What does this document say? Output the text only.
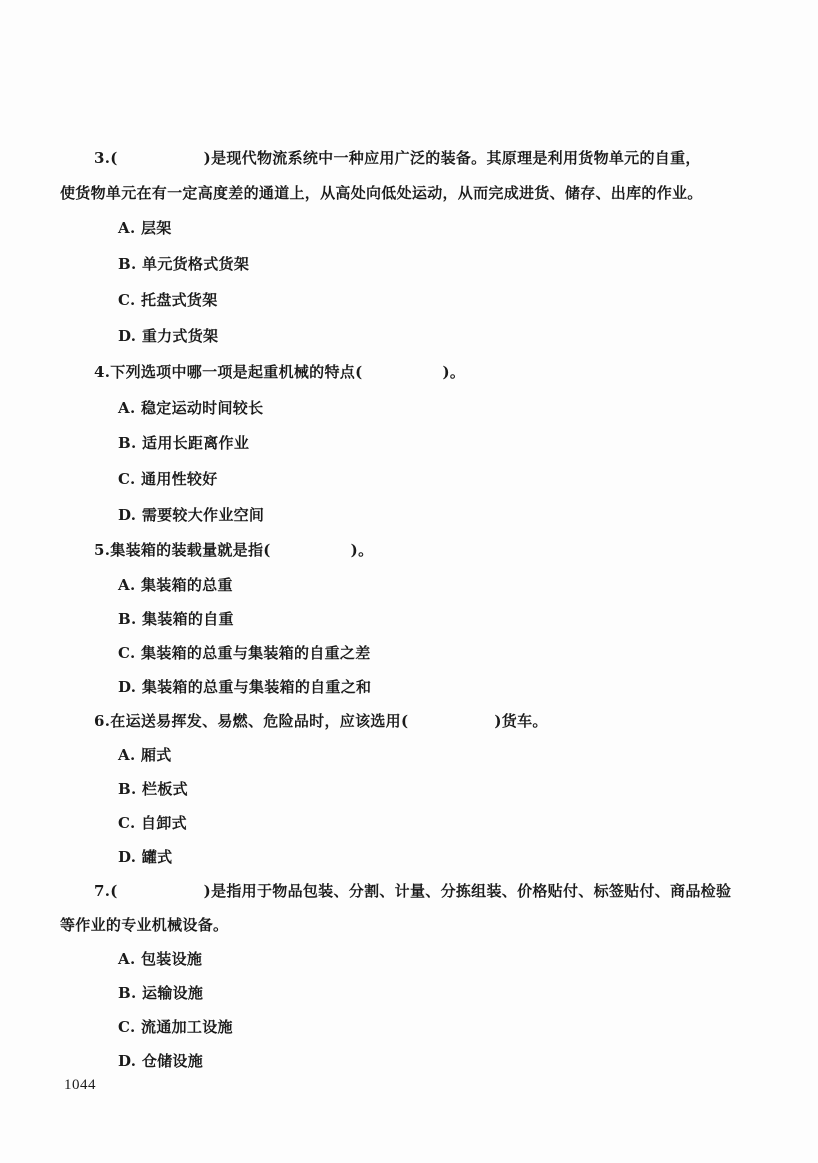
3.(	)是现代物流系统中一种应用广泛的装备。其原理是利用货物单元的自重，
使货物单元在有一定高度差的通道上，从高处向低处运动，从而完成进货、储存、出库的作业。
A. 层架
B. 单元货格式货架
C. 托盘式货架
D. 重力式货架
4.下列选项中哪一项是起重机械的特点(	)。
A. 稳定运动时间较长
B. 适用长距离作业
C. 通用性较好
D. 需要较大作业空间
5.集装箱的装载量就是指(	)。
A. 集装箱的总重
B. 集装箱的自重
C. 集装箱的总重与集装箱的自重之差
D. 集装箱的总重与集装箱的自重之和
6.在运送易挥发、易燃、危险品时，应该选用(	)货车。
A. 厢式
B. 栏板式
C. 自卸式
D. 罐式
7.(	)是指用于物品包装、分割、计量、分拣组装、价格贴付、标签贴付、商品检验
等作业的专业机械设备。
A. 包装设施
B. 运输设施
C. 流通加工设施
D. 仓储设施
1044
